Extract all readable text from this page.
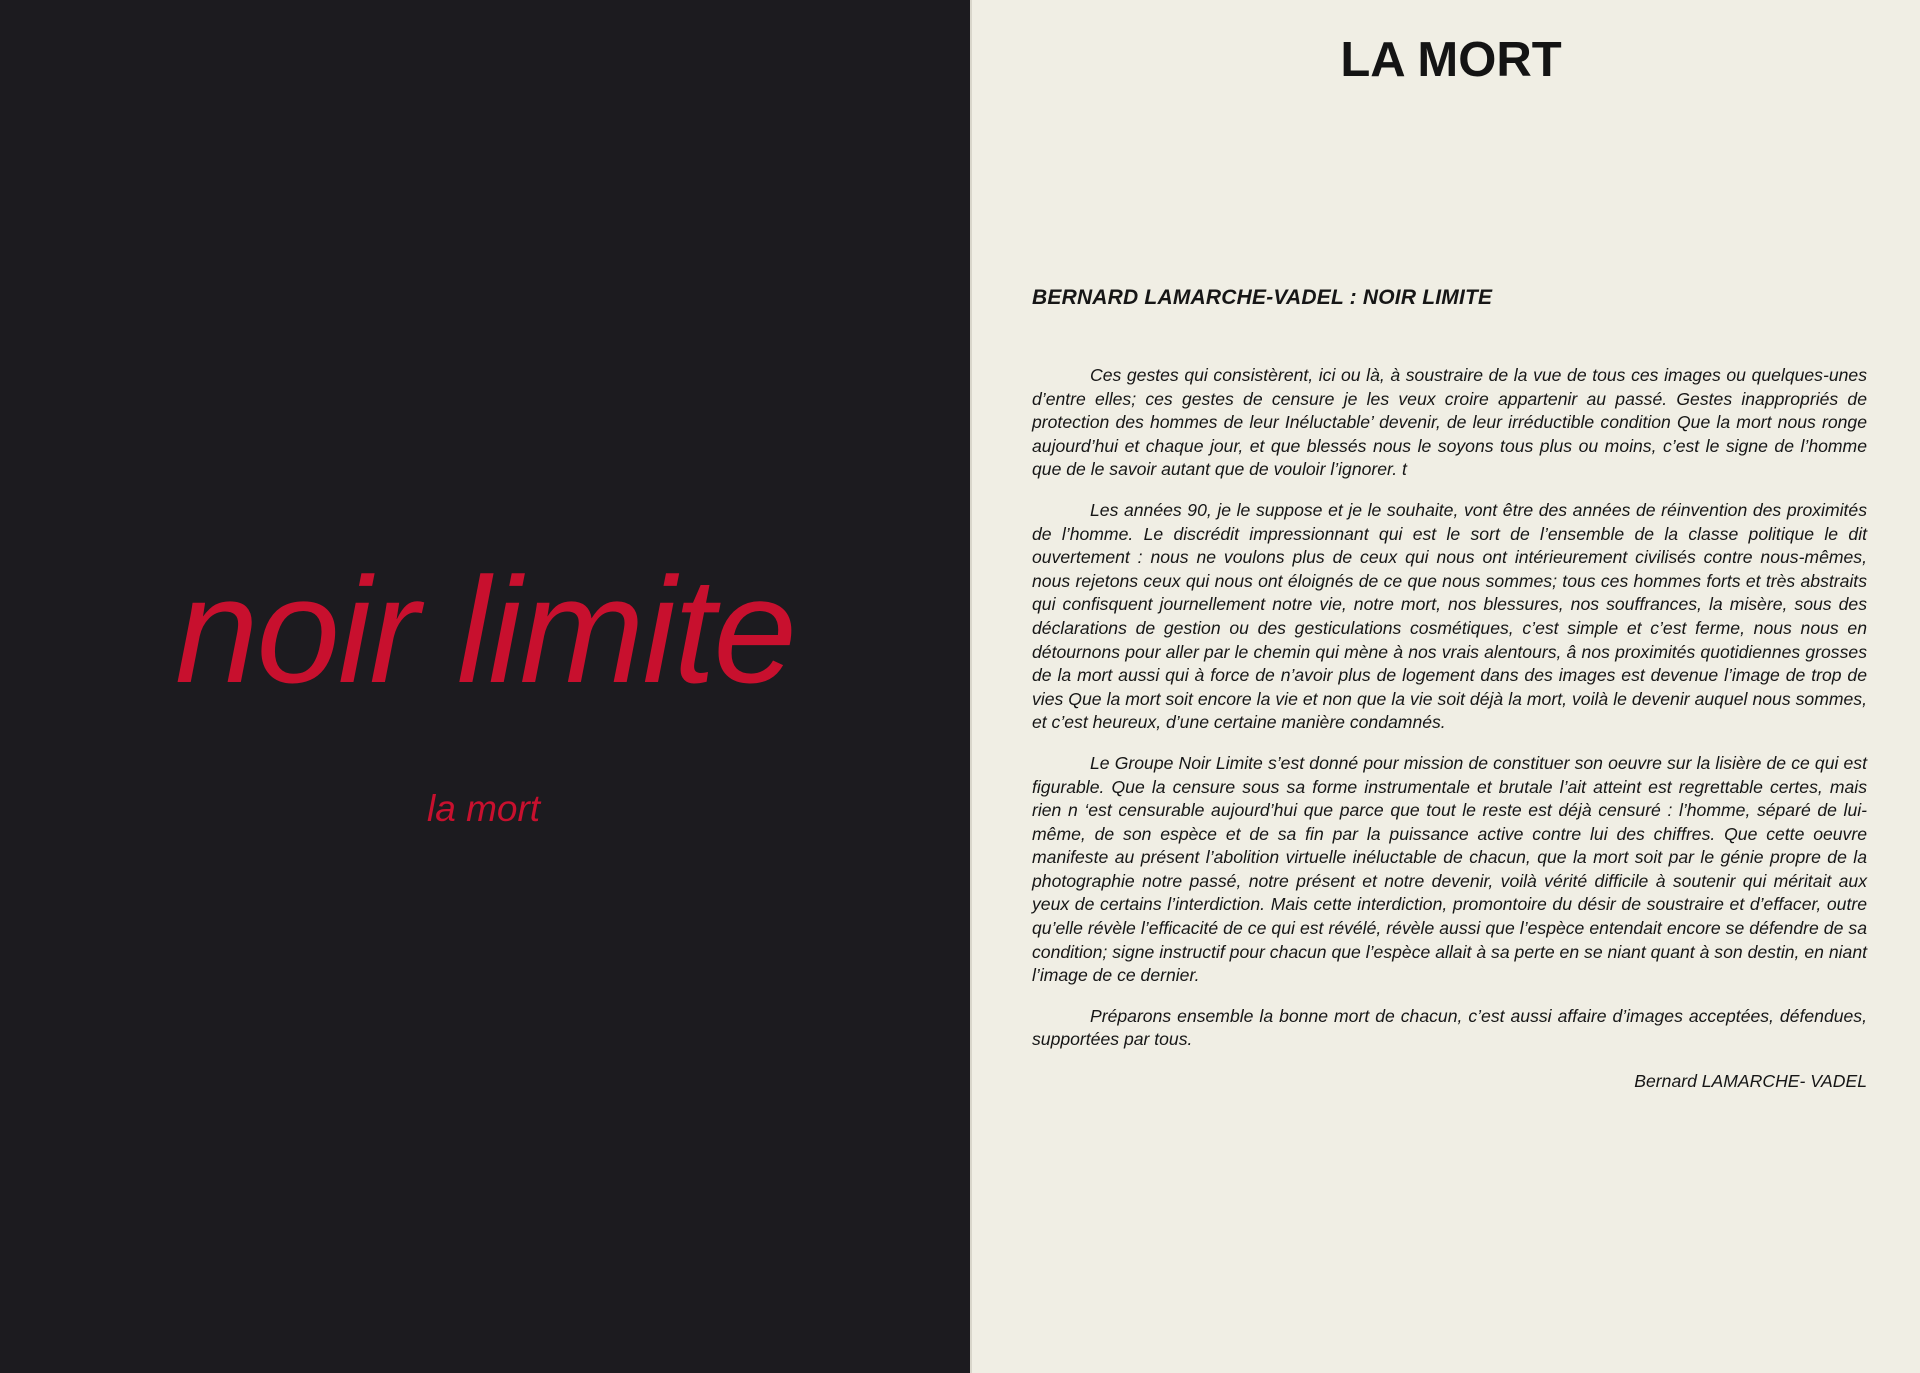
noir limite
la mort
LA MORT
BERNARD LAMARCHE-VADEL : NOIR LIMITE

Ces gestes qui consistèrent, ici ou là, à soustraire de la vue de tous ces images ou quelques-unes d’entre elles; ces gestes de censure je les veux croire appartenir au passé. Gestes inappropriés de protection des hommes de leur Inéluctable’ devenir, de leur irréductible condition Que la mort nous ronge aujourd’hui et chaque jour, et que blessés nous le soyons tous plus ou moins, c’est le signe de l’homme que de le savoir autant que de vouloir l’ignorer. t

Les années 90, je le suppose et je le souhaite, vont être des années de réinvention des proximités de l’homme. Le discrédit impressionnant qui est le sort de l’ensemble de la classe politique le dit ouvertement : nous ne voulons plus de ceux qui nous ont intérieurement civilisés contre nous-mêmes, nous rejetons ceux qui nous ont éloignés de ce que nous sommes; tous ces hommes forts et très abstraits qui confisquent journellement notre vie, notre mort, nos blessures, nos souffrances, la misère, sous des déclarations de gestion ou des gesticulations cosmétiques, c’est simple et c’est ferme, nous nous en détournons pour aller par le chemin qui mène à nos vrais alentours, â nos proximités quotidiennes grosses de la mort aussi qui à force de n’avoir plus de logement dans des images est devenue l’image de trop de vies Que la mort soit encore la vie et non que la vie soit déjà la mort, voilà le devenir auquel nous sommes, et c’est heureux, d’une certaine manière condamnés.

Le Groupe Noir Limite s’est donné pour mission de constituer son oeuvre sur la lisière de ce qui est figurable. Que la censure sous sa forme instrumentale et brutale l’ait atteint est regrettable certes, mais rien n ‘est censurable aujourd’hui que parce que tout le reste est déjà censuré : l’homme, séparé de lui-même, de son espèce et de sa fin par la puissance active contre lui des chiffres. Que cette oeuvre manifeste au présent l’abolition virtuelle inéluctable de chacun, que la mort soit par le génie propre de la photographie notre passé, notre présent et notre devenir, voilà vérité difficile à soutenir qui méritait aux yeux de certains l’interdiction. Mais cette interdiction, promontoire du désir de soustraire et d’effacer, outre qu’elle révèle l’efficacité de ce qui est révélé, révèle aussi que l’espèce entendait encore se défendre de sa condition; signe instructif pour chacun que l’espèce allait à sa perte en se niant quant à son destin, en niant l’image de ce dernier.

Préparons ensemble la bonne mort de chacun, c’est aussi affaire d’images acceptées, défendues, supportées par tous.

Bernard LAMARCHE- VADEL
